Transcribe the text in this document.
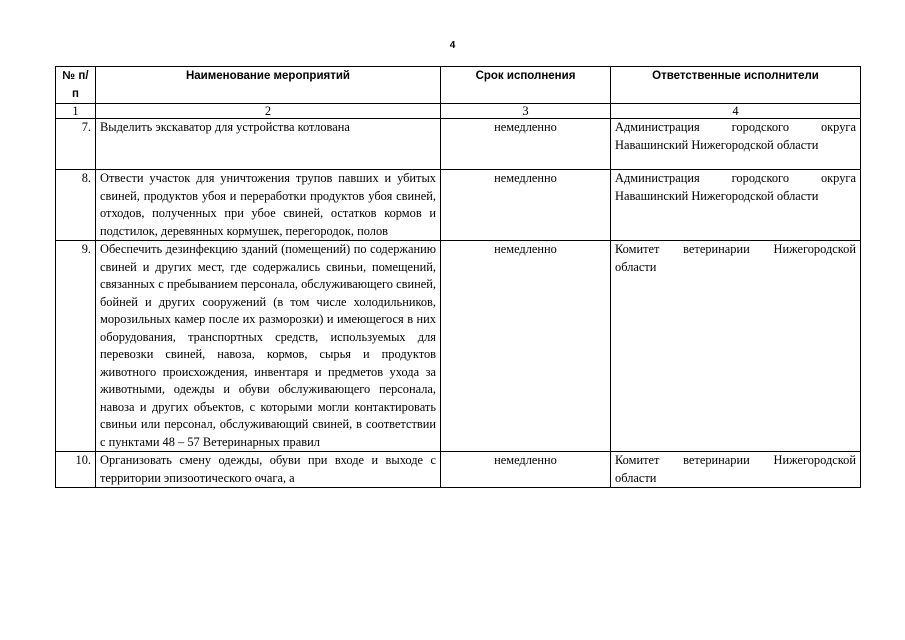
4
№ п/п	Наименование мероприятий	Срок исполнения	Ответственные исполнители
1	2	3	4
7.	Выделить экскаватор для устройства котлована	немедленно	Администрация городского округа Навашинский Нижегородской области
8.	Отвести участок для уничтожения трупов павших и убитых свиней, продуктов убоя и переработки продуктов убоя свиней, отходов, полученных при убое свиней, остатков кормов и подстилок, деревянных кормушек, перегородок, полов	немедленно	Администрация городского округа Навашинский Нижегородской области
9.	Обеспечить дезинфекцию зданий (помещений) по содержанию свиней и других мест, где содержались свиньи, помещений, связанных с пребыванием персонала, обслуживающего свиней, бойней и других сооружений (в том числе холодильников, морозильных камер после их разморозки) и имеющегося в них оборудования, транспортных средств, используемых для перевозки свиней, навоза, кормов, сырья и продуктов животного происхождения, инвентаря и предметов ухода за животными, одежды и обуви обслуживающего персонала, навоза и других объектов, с которыми могли контактировать свиньи или персонал, обслуживающий свиней, в соответствии с пунктами 48 – 57 Ветеринарных правил	немедленно	Комитет ветеринарии Нижегородской области
10.	Организовать смену одежды, обуви при входе и выходе с территории эпизоотического очага, а	немедленно	Комитет ветеринарии Нижегородской области
